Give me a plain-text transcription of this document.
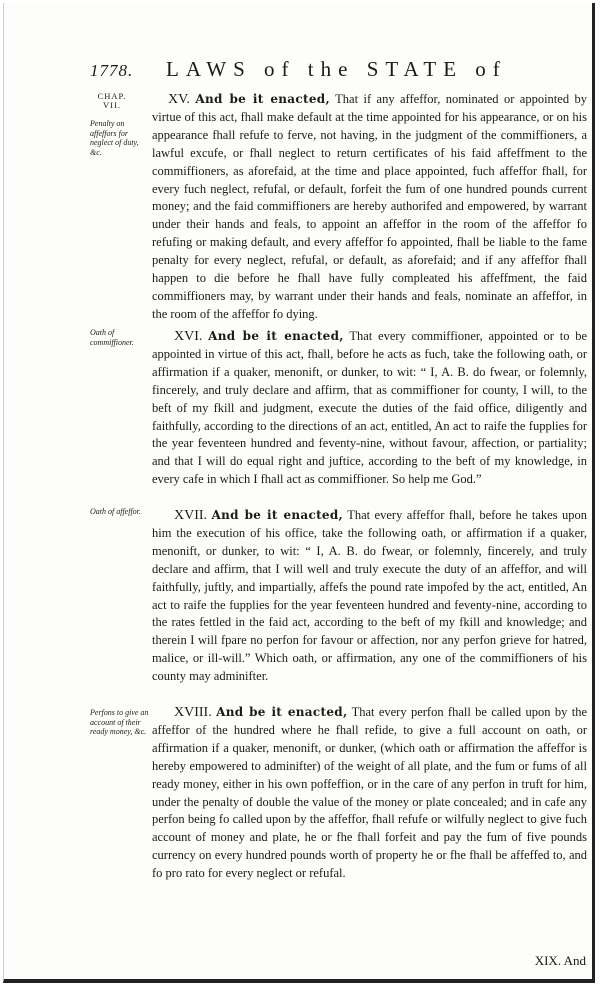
1778. LAWS of the STATE of
CHAP.
VII.
Penalty on affeffors for neglect of duty, &c.
XV. And be it enacted, That if any affeffor, nominated or appointed by virtue of this act, fhall make default at the time appointed for his appearance, or on his appearance fhall refufe to ferve, not having, in the judgment of the commiffioners, a lawful excufe, or fhall neglect to return certificates of his faid affeffment to the commiffioners, as aforefaid, at the time and place appointed, fuch affeffor fhall, for every fuch neglect, refufal, or default, forfeit the fum of one hundred pounds current money; and the faid commiffioners are hereby authorifed and empowered, by warrant under their hands and feals, to appoint an affeffor in the room of the affeffor fo refufing or making default, and every affeffor fo appointed, fhall be liable to the fame penalty for every neglect, refufal, or default, as aforefaid; and if any affeffor fhall happen to die before he fhall have fully compleated his affeffment, the faid commiffioners may, by warrant under their hands and feals, nominate an affeffor, in the room of the affeffor fo dying.
Oath of commiffioner.	XVI. And be it enacted, That every commiffioner, appointed or to be appointed in virtue of this act, fhall, before he acts as fuch, take the following oath, or affirmation if a quaker, menonift, or dunker, to wit: “ I, A. B. do fwear, or folemnly, fincerely, and truly declare and affirm, that as commiffioner for county, I will, to the beft of my fkill and judgment, execute the duties of the faid office, diligently and faithfully, according to the directions of an act, entitled, An act to raife the fupplies for the year feventeen hundred and feventy-nine, without favour, affection, or partiality; and that I will do equal right and juftice, according to the beft of my knowledge, in every cafe in which I fhall act as commiffioner. So help me God.”
Oath of affeffor.	XVII. And be it enacted, That every affeffor fhall, before he takes upon him the execution of his office, take the following oath, or affirmation if a quaker, menonift, or dunker, to wit: “ I, A. B. do fwear, or folemnly, fincerely, and truly declare and affirm, that I will well and truly execute the duty of an affeffor, and will faithfully, juftly, and impartially, affefs the pound rate impofed by the act, entitled, An act to raife the fupplies for the year feventeen hundred and feventy-nine, according to the rates fettled in the faid act, according to the beft of my fkill and knowledge; and therein I will fpare no perfon for favour or affection, nor any perfon grieve for hatred, malice, or ill-will.” Which oath, or affirmation, any one of the commiffioners of his county may adminifter.
Perfons to give an account of their ready money, &c.
XVIII. And be it enacted, That every perfon fhall be called upon by the affeffor of the hundred where he fhall refide, to give a full account on oath, or affirmation if a quaker, menonift, or dunker, (which oath or affirmation the affeffor is hereby empowered to adminifter) of the weight of all plate, and the fum or fums of all ready money, either in his own poffeffion, or in the care of any perfon in truft for him, under the penalty of double the value of the money or plate concealed; and in cafe any perfon being fo called upon by the affeffor, fhall refufe or wilfully neglect to give fuch account of money and plate, he or fhe fhall forfeit and pay the fum of five pounds currency on every hundred pounds worth of property he or fhe fhall be affeffed to, and fo pro rato for every neglect or refufal.
XIX. And
